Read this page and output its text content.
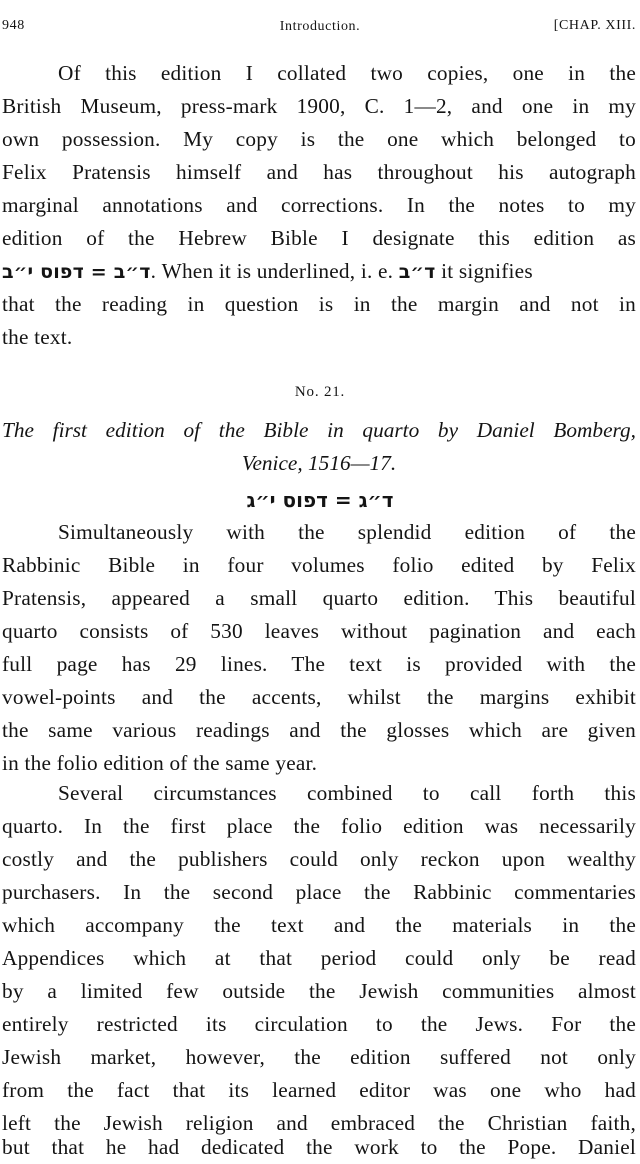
948	Introduction.	[CHAP. XIII.
Of this edition I collated two copies, one in the
British Museum, press-mark 1900, C. 1—2, and one in my
own possession. My copy is the one which belonged to
Felix Pratensis himself and has throughout his autograph
marginal annotations and corrections. In the notes to my
edition of the Hebrew Bible I designate this edition as
ד״ב = דפוס י״ב. When it is underlined, i. e. ד״ב it signifies
that the reading in question is in the margin and not in
the text.
No. 21.
The first edition of the Bible in quarto by Daniel Bomberg,
Venice, 1516—17.
ד״ג = דפוס י״ג
Simultaneously with the splendid edition of the
Rabbinic Bible in four volumes folio edited by Felix
Pratensis, appeared a small quarto edition. This beautiful
quarto consists of 530 leaves without pagination and each
full page has 29 lines. The text is provided with the
vowel-points and the accents, whilst the margins exhibit
the same various readings and the glosses which are given
in the folio edition of the same year.
Several circumstances combined to call forth this
quarto. In the first place the folio edition was necessarily
costly and the publishers could only reckon upon wealthy
purchasers. In the second place the Rabbinic commentaries
which accompany the text and the materials in the
Appendices which at that period could only be read
by a limited few outside the Jewish communities almost
entirely restricted its circulation to the Jews. For the
Jewish market, however, the edition suffered not only
from the fact that its learned editor was one who had
left the Jewish religion and embraced the Christian faith,
but that he had dedicated the work to the Pope. Daniel
